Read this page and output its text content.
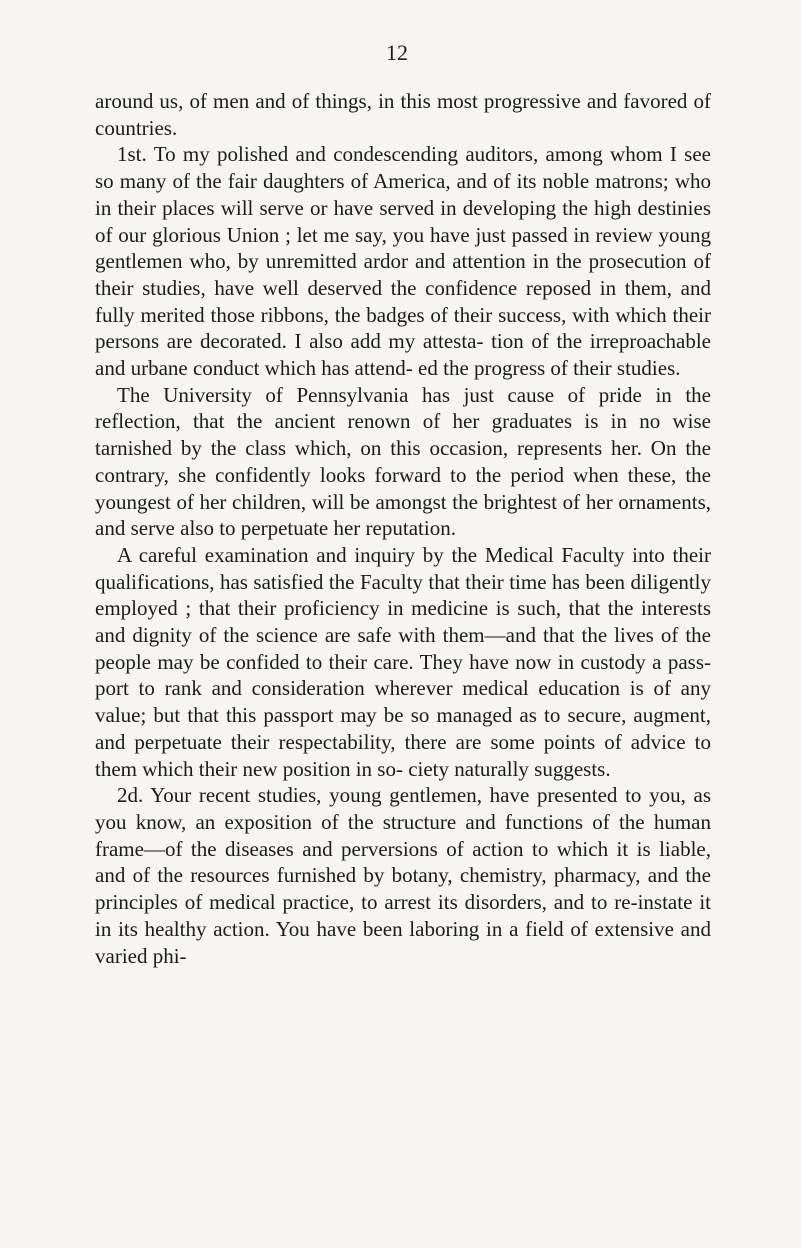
12

around us, of men and of things, in this most progressive and favored of countries.

1st. To my polished and condescending auditors, among whom I see so many of the fair daughters of America, and of its noble matrons; who in their places will serve or have served in developing the high destinies of our glorious Union ; let me say, you have just passed in review young gentlemen who, by unremitted ardor and attention in the prosecution of their studies, have well deserved the confidence reposed in them, and fully merited those ribbons, the badges of their success, with which their persons are decorated. I also add my attesta- tion of the irreproachable and urbane conduct which has attend- ed the progress of their studies.

The University of Pennsylvania has just cause of pride in the reflection, that the ancient renown of her graduates is in no wise tarnished by the class which, on this occasion, represents her. On the contrary, she confidently looks forward to the period when these, the youngest of her children, will be amongst the brightest of her ornaments, and serve also to perpetuate her reputation.

A careful examination and inquiry by the Medical Faculty into their qualifications, has satisfied the Faculty that their time has been diligently employed ; that their proficiency in medicine is such, that the interests and dignity of the science are safe with them—and that the lives of the people may be confided to their care. They have now in custody a pass- port to rank and consideration wherever medical education is of any value; but that this passport may be so managed as to secure, augment, and perpetuate their respectability, there are some points of advice to them which their new position in so- ciety naturally suggests.

2d. Your recent studies, young gentlemen, have presented to you, as you know, an exposition of the structure and functions of the human frame—of the diseases and perversions of action to which it is liable, and of the resources furnished by botany, chemistry, pharmacy, and the principles of medical practice, to arrest its disorders, and to re-instate it in its healthy action. You have been laboring in a field of extensive and varied phi-
